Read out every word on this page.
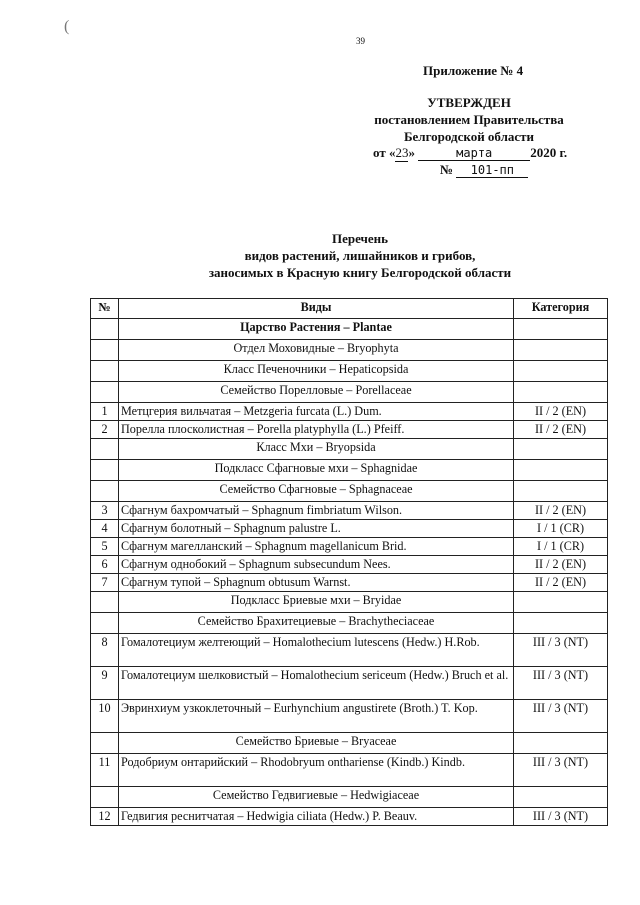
(
39
Приложение № 4
УТВЕРЖДЕН
постановлением Правительства
Белгородской области
от «23»	марта	2020 г.
№ 101-пп
Перечень
видов растений, лишайников и грибов,
заносимых в Красную книгу Белгородской области
№	Виды	Категория
	Царство Растения – Plantae	
	Отдел Моховидные – Bryophyta	
	Класс Печеночники – Hepaticopsida	
	Семейство Порелловые – Porellaceae	
1	Метцгерия вильчатая – Metzgeria furcata (L.) Dum.	II / 2 (EN)
2	Порелла плосколистная – Porella platyphylla (L.) Pfeiff.	II / 2 (EN)
	Класс Мхи – Bryopsida	
	Подкласс Сфагновые мхи – Sphagnidae	
	Семейство Сфагновые – Sphagnaceae	
3	Сфагнум бахромчатый – Sphagnum fimbriatum Wilson.	II / 2 (EN)
4	Сфагнум болотный – Sphagnum palustre L.	I / 1 (CR)
5	Сфагнум магелланский – Sphagnum magellanicum Brid.	I / 1 (CR)
6	Сфагнум однобокий – Sphagnum subsecundum Nees.	II / 2 (EN)
7	Сфагнум тупой – Sphagnum obtusum Warnst.	II / 2 (EN)
	Подкласс Бриевые мхи – Bryidae	
	Семейство Брахитециевые – Brachytheciaceae	
8	Гомалотециум желтеющий – Homalothecium lutescens (Hedw.) H.Rob.	III / 3 (NT)
9	Гомалотециум шелковистый – Homalothecium sericeum (Hedw.) Bruch et al.	III / 3 (NT)
10	Эвринхиум узкоклеточный – Eurhynchium angustirete (Broth.) T. Kop.	III / 3 (NT)
	Семейство Бриевые – Bryaceae	
11	Родобриум онтарийский – Rhodobryum onthariense (Kindb.) Kindb.	III / 3 (NT)
	Семейство Гедвигиевые – Hedwigiaceae	
12	Гедвигия реснитчатая – Hedwigia ciliata (Hedw.) P. Beauv.	III / 3 (NT)
